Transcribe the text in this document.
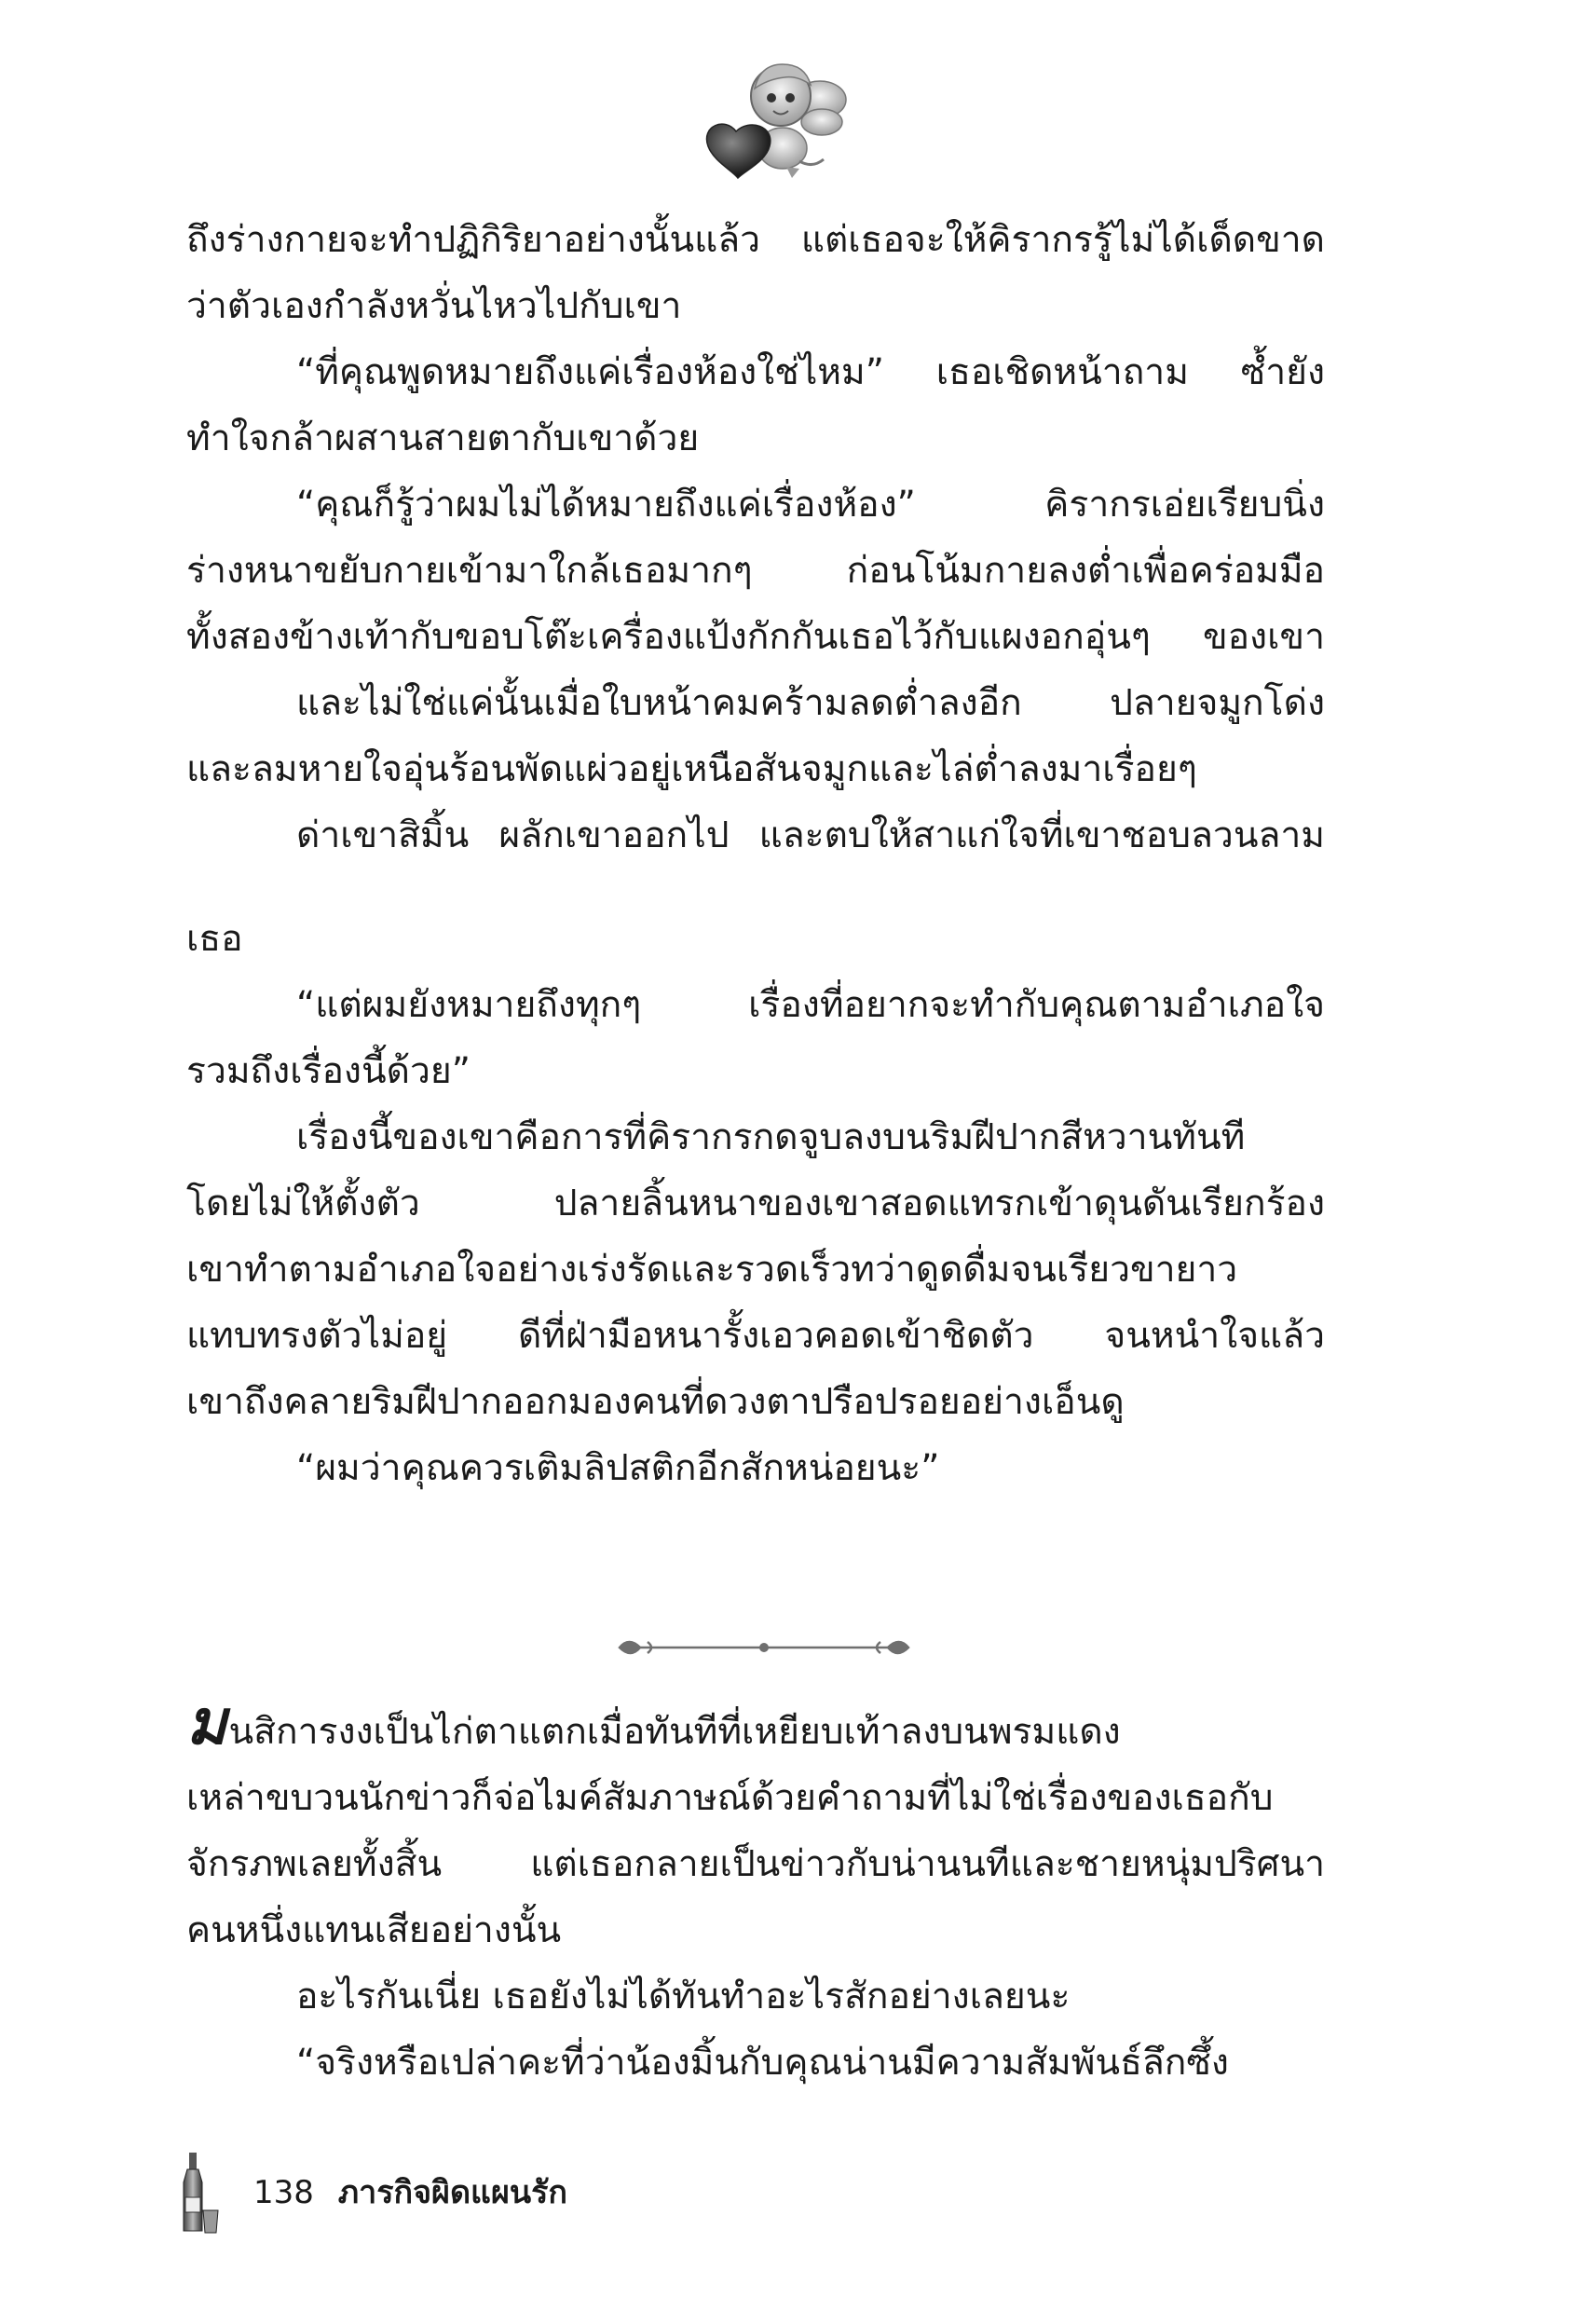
ถึงร่างกายจะทำปฏิกิริยาอย่างนั้นแล้ว แต่เธอจะให้คิรากรรู้ไม่ได้เด็ดขาด
ว่าตัวเองกำลังหวั่นไหวไปกับเขา
“ที่คุณพูดหมายถึงแค่เรื่องห้องใช่ไหม” เธอเชิดหน้าถาม ซ้ำยัง
ทำใจกล้าผสานสายตากับเขาด้วย
“คุณก็รู้ว่าผมไม่ได้หมายถึงแค่เรื่องห้อง” คิรากรเอ่ยเรียบนิ่ง
ร่างหนาขยับกายเข้ามาใกล้เธอมากๆ ก่อนโน้มกายลงต่ำเพื่อคร่อมมือ
ทั้งสองข้างเท้ากับขอบโต๊ะเครื่องแป้งกักกันเธอไว้กับแผงอกอุ่นๆ ของเขา
และไม่ใช่แค่นั้นเมื่อใบหน้าคมคร้ามลดต่ำลงอีก ปลายจมูกโด่ง
และลมหายใจอุ่นร้อนพัดแผ่วอยู่เหนือสันจมูกและไล่ต่ำลงมาเรื่อยๆ
ด่าเขาสิมิ้น ผลักเขาออกไป และตบให้สาแก่ใจที่เขาชอบลวนลาม
เธอ
“แต่ผมยังหมายถึงทุกๆ เรื่องที่อยากจะทำกับคุณตามอำเภอใจ
รวมถึงเรื่องนี้ด้วย”
เรื่องนี้ของเขาคือการที่คิรากรกดจูบลงบนริมฝีปากสีหวานทันที
โดยไม่ให้ตั้งตัว ปลายลิ้นหนาของเขาสอดแทรกเข้าดุนดันเรียกร้อง
เขาทำตามอำเภอใจอย่างเร่งรัดและรวดเร็วทว่าดูดดื่มจนเรียวขายาว
แทบทรงตัวไม่อยู่ ดีที่ฝ่ามือหนารั้งเอวคอดเข้าชิดตัว จนหนำใจแล้ว
เขาถึงคลายริมฝีปากออกมองคนที่ดวงตาปรือปรอยอย่างเอ็นดู
“ผมว่าคุณควรเติมลิปสติกอีกสักหน่อยนะ”
มนสิการงงเป็นไก่ตาแตกเมื่อทันทีที่เหยียบเท้าลงบนพรมแดง
เหล่าขบวนนักข่าวก็จ่อไมค์สัมภาษณ์ด้วยคำถามที่ไม่ใช่เรื่องของเธอกับ
จักรภพเลยทั้งสิ้น แต่เธอกลายเป็นข่าวกับน่านนทีและชายหนุ่มปริศนา
คนหนึ่งแทนเสียอย่างนั้น
อะไรกันเนี่ย เธอยังไม่ได้ทันทำอะไรสักอย่างเลยนะ
“จริงหรือเปล่าคะที่ว่าน้องมิ้นกับคุณน่านมีความสัมพันธ์ลึกซึ้ง
138 ภารกิจผิดแผนรัก
